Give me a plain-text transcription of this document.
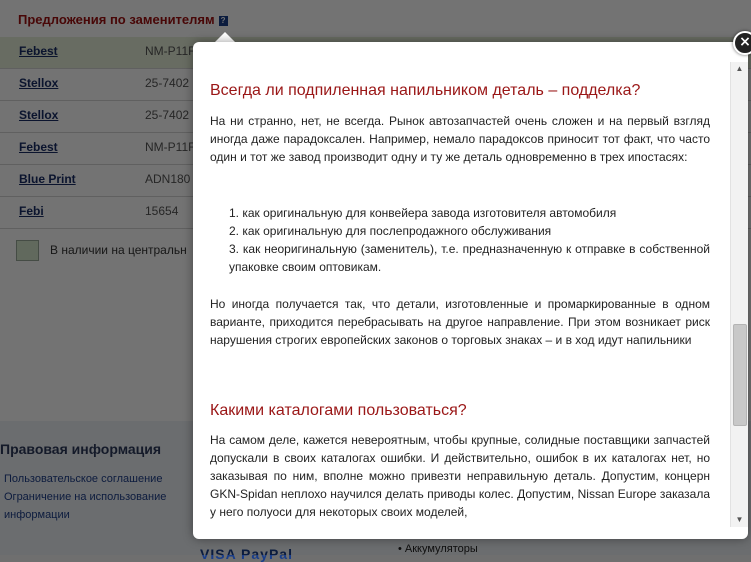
Всегда ли подпиленная напильником деталь – подделка?
На ни странно, нет, не всегда. Рынок автозапчастей очень сложен и на первый взгляд иногда даже парадоксален. Например, немало парадоксов приносит тот факт, что часто один и тот же завод производит одну и ту же деталь одновременно в трех ипостасях:
1. как оригинальную для конвейера завода изготовителя автомобиля
2. как оригинальную для послепродажного обслуживания
3. как неоригинальную (заменитель), т.е. предназначенную к отправке в собственной упаковке своим оптовикам.
Но иногда получается так, что детали, изготовленные и промаркированные в одном варианте, приходится перебрасывать на другое направление. При этом возникает риск нарушения строгих европейских законов о торговых знаках – и в ход идут напильники
Какими каталогами пользоваться?
На самом деле, кажется невероятным, чтобы крупные, солидные поставщики запчастей допускали в своих каталогах ошибки. И действительно, ошибок в их каталогах нет, но заказывая по ним, вполне можно привезти неправильную деталь. Допустим, концерн GKN-Spidan неплохо научился делать приводы колес. Допустим, Nissan Europe заказала у него полуоси для некоторых своих моделей,
▲
▼
×
